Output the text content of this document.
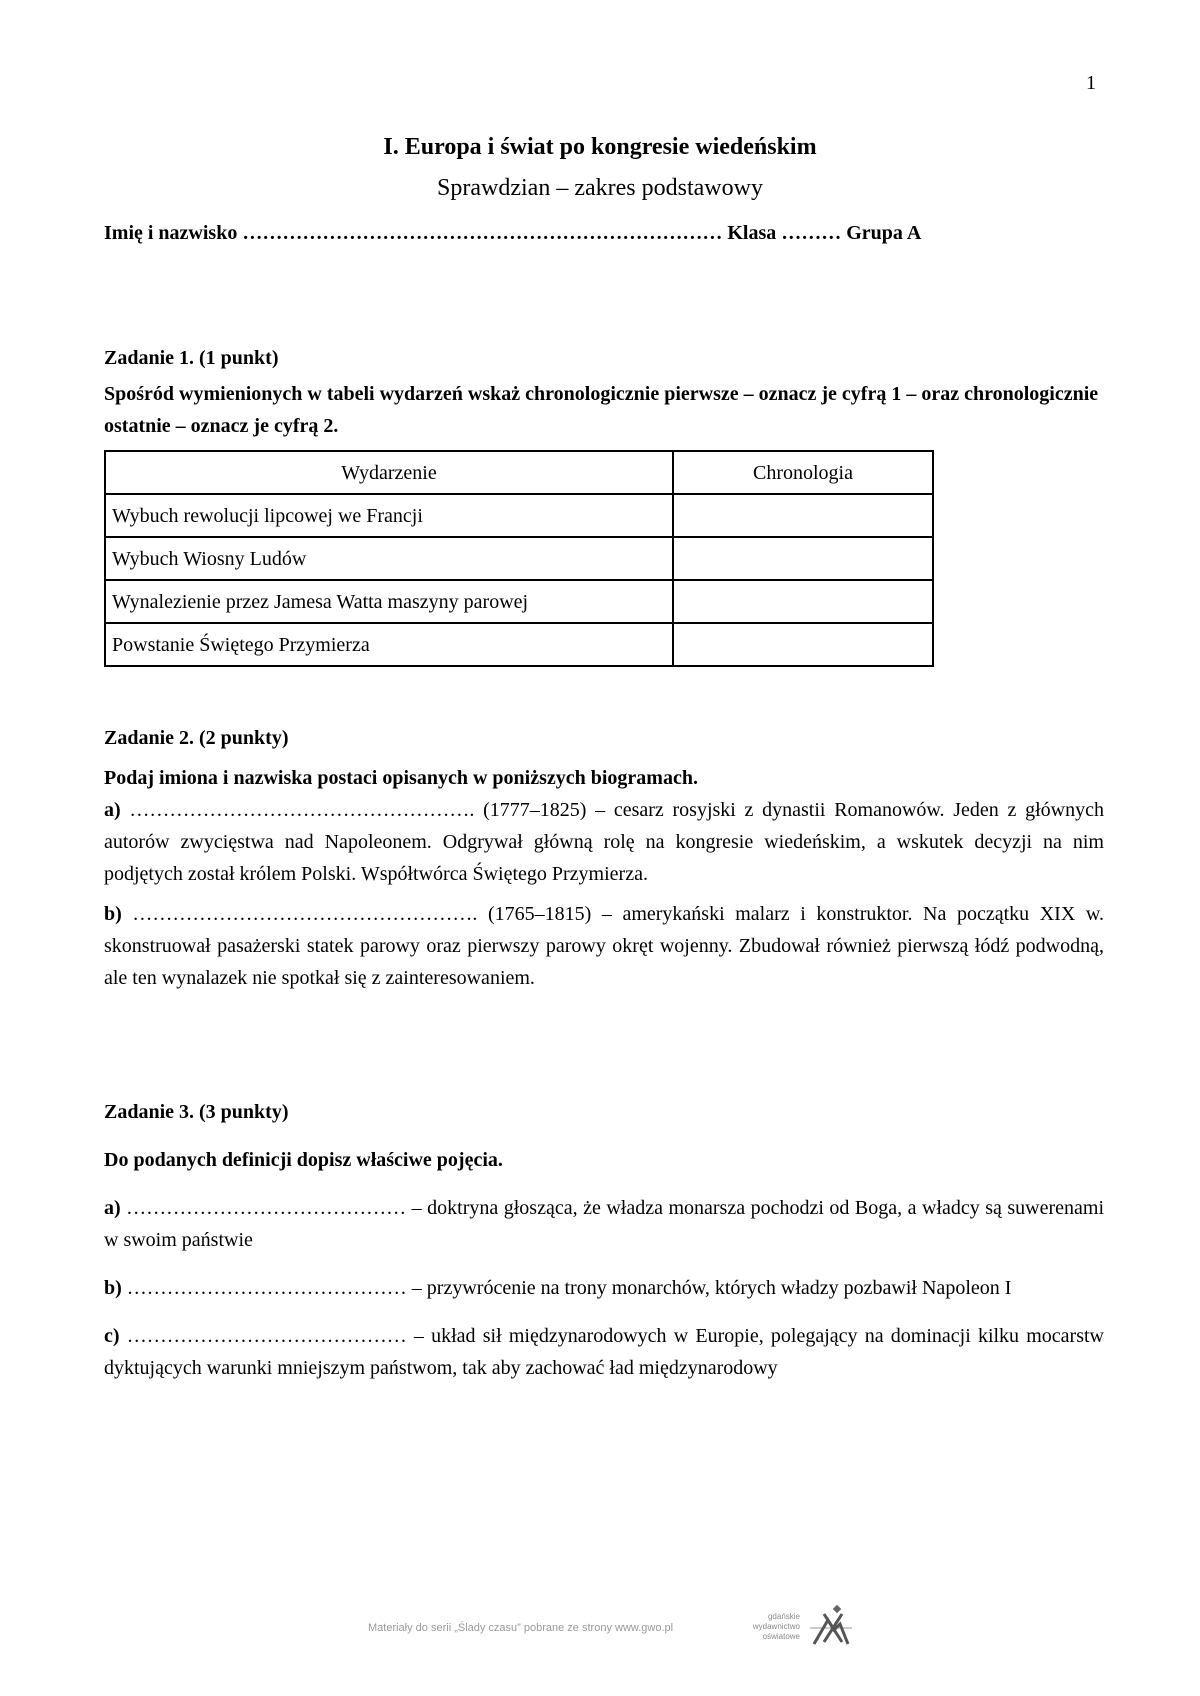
1

I. Europa i świat po kongresie wiedeńskim

Sprawdzian – zakres podstawowy

Imię i nazwisko ……………………………………………………………… Klasa ……… Grupa A

Zadanie 1. (1 punkt)

Spośród wymienionych w tabeli wydarzeń wskaż chronologicznie pierwsze – oznacz je cyfrą 1 – oraz chronologicznie ostatnie – oznacz je cyfrą 2.

Wydarzenie	Chronologia
Wybuch rewolucji lipcowej we Francji	
Wybuch Wiosny Ludów	
Wynalezienie przez Jamesa Watta maszyny parowej	
Powstanie Świętego Przymierza	

Zadanie 2. (2 punkty)

Podaj imiona i nazwiska postaci opisanych w poniższych biogramach.

a) ……………………………………………. (1777–1825) – cesarz rosyjski z dynastii Romanowów. Jeden z głównych autorów zwycięstwa nad Napoleonem. Odgrywał główną rolę na kongresie wiedeńskim, a wskutek decyzji na nim podjętych został królem Polski. Współtwórca Świętego Przymierza.

b) ……………………………………………. (1765–1815) – amerykański malarz i konstruktor. Na początku XIX w. skonstruował pasażerski statek parowy oraz pierwszy parowy okręt wojenny. Zbudował również pierwszą łódź podwodną, ale ten wynalazek nie spotkał się z zainteresowaniem.

Zadanie 3. (3 punkty)

Do podanych definicji dopisz właściwe pojęcia.

a) …………………………………… – doktryna głosząca, że władza monarsza pochodzi od Boga, a władcy są suwerenami w swoim państwie

b) …………………………………… – przywrócenie na trony monarchów, których władzy pozbawił Napoleon I

c) …………………………………… – układ sił międzynarodowych w Europie, polegający na dominacji kilku mocarstw dyktujących warunki mniejszym państwom, tak aby zachować ład międzynarodowy

Materiały do serii „Ślady czasu” pobrane ze strony www.gwo.pl
gdańskie
wydawnictwo
oświatowe
